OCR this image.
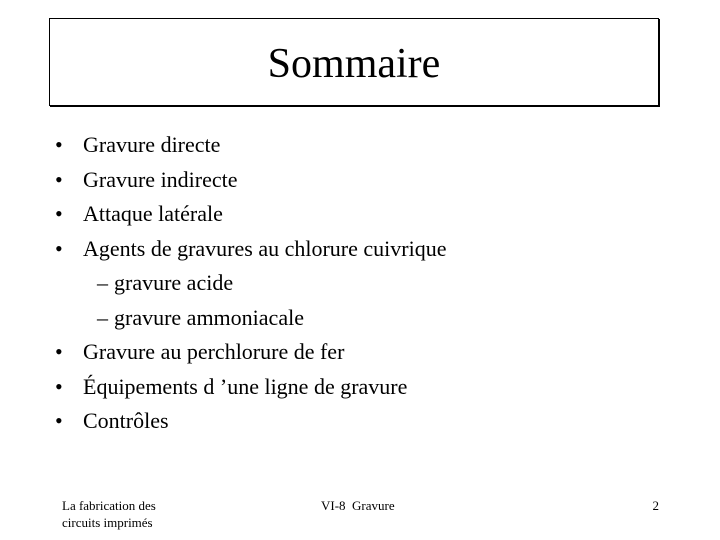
Sommaire
• Gravure directe
• Gravure indirecte
• Attaque latérale
• Agents de gravures au chlorure cuivrique
– gravure acide
– gravure ammoniacale
• Gravure au perchlorure de fer
• Équipements d ’une ligne de gravure
• Contrôles
La fabrication des
circuits imprimés
VI-8  Gravure	2
